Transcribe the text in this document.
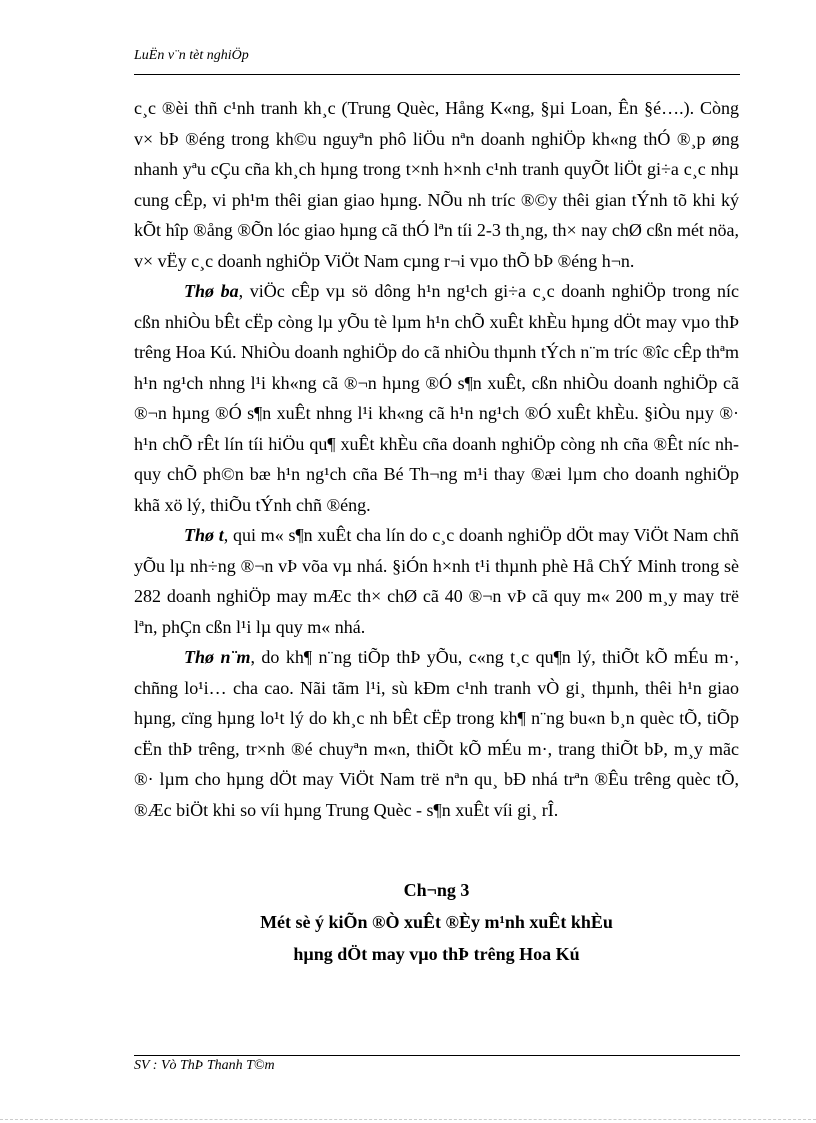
LuËn v¨n tèt nghiÖp

c¸c ®èi thñ c¹nh tranh kh¸c (Trung Quèc, Hång K«ng, §µi Loan, Ên §é….). Còng v× bÞ ®éng trong kh©u nguyªn phô liÖu nªn doanh nghiÖp kh«ng thÓ ®¸p øng nhanh yªu cÇu cña kh¸ch hµng trong t×nh h×nh c¹nh tranh quyÕt liÖt gi÷a c¸c nhµ cung cÊp, vi ph¹m thêi gian giao hµng. NÕu nh tríc ®©y thêi gian tÝnh tõ khi ký kÕt hîp ®ång ®Õn lóc giao hµng cã thÓ lªn tíi 2-3 th¸ng, th× nay chØ cßn mét nöa, v× vËy c¸c doanh nghiÖp ViÖt Nam cµng r¬i vµo thÕ bÞ ®éng h¬n.

Thø ba, viÖc cÊp vµ sö dông h¹n ng¹ch gi÷a c¸c doanh nghiÖp trong níc cßn nhiÒu bÊt cËp còng lµ yÕu tè lµm h¹n chÕ xuÊt khÈu hµng dÖt may vµo thÞ trêng Hoa Kú. NhiÒu doanh nghiÖp do cã nhiÒu thµnh tÝch n¨m tríc ®îc cÊp thªm h¹n ng¹ch nhng l¹i kh«ng cã ®¬n hµng ®Ó s¶n xuÊt, cßn nhiÒu doanh nghiÖp cã ®¬n hµng ®Ó s¶n xuÊt nhng l¹i kh«ng cã h¹n ng¹ch ®Ó xuÊt khÈu. §iÒu nµy ®· h¹n chÕ rÊt lín tíi hiÖu qu¶ xuÊt khÈu cña doanh nghiÖp còng nh cña ®Êt níc nh quy chÕ ph©n bæ h¹n ng¹ch cña Bé Th¬ng m¹i thay ®æi lµm cho doanh nghiÖp khã xö lý, thiÕu tÝnh chñ ®éng.

Thø t, qui m« s¶n xuÊt cha lín do c¸c doanh nghiÖp dÖt may ViÖt Nam chñ yÕu lµ nh÷ng ®¬n vÞ võa vµ nhá. §iÓn h×nh t¹i thµnh phè Hå ChÝ Minh trong sè 282 doanh nghiÖp may mÆc th× chØ cã 40 ®¬n vÞ cã quy m« 200 m¸y may trë lªn, phÇn cßn l¹i lµ quy m« nhá.

Thø n¨m, do kh¶ n¨ng tiÕp thÞ yÕu, c«ng t¸c qu¶n lý, thiÕt kÕ mÉu m·, chñng lo¹i… cha cao. Nãi tãm l¹i, sù kÐm c¹nh tranh vÒ gi¸ thµnh, thêi h¹n giao hµng, cïng hµng lo¹t lý do kh¸c nh bÊt cËp trong kh¶ n¨ng bu«n b¸n quèc tÕ, tiÕp cËn thÞ trêng, tr×nh ®é chuyªn m«n, thiÕt kÕ mÉu m·, trang thiÕt bÞ, m¸y mãc ®· lµm cho hµng dÖt may ViÖt Nam trë nªn qu¸ bÐ nhá trªn ®Êu trêng quèc tÕ, ®Æc biÖt khi so víi hµng Trung Quèc - s¶n xuÊt víi gi¸ rÎ.

Ch¬ng 3
Mét sè ý kiÕn ®Ò xuÊt ®Èy m¹nh xuÊt khÈu
hµng dÖt may vµo thÞ trêng Hoa Kú
SV : Vò ThÞ Thanh T©m
